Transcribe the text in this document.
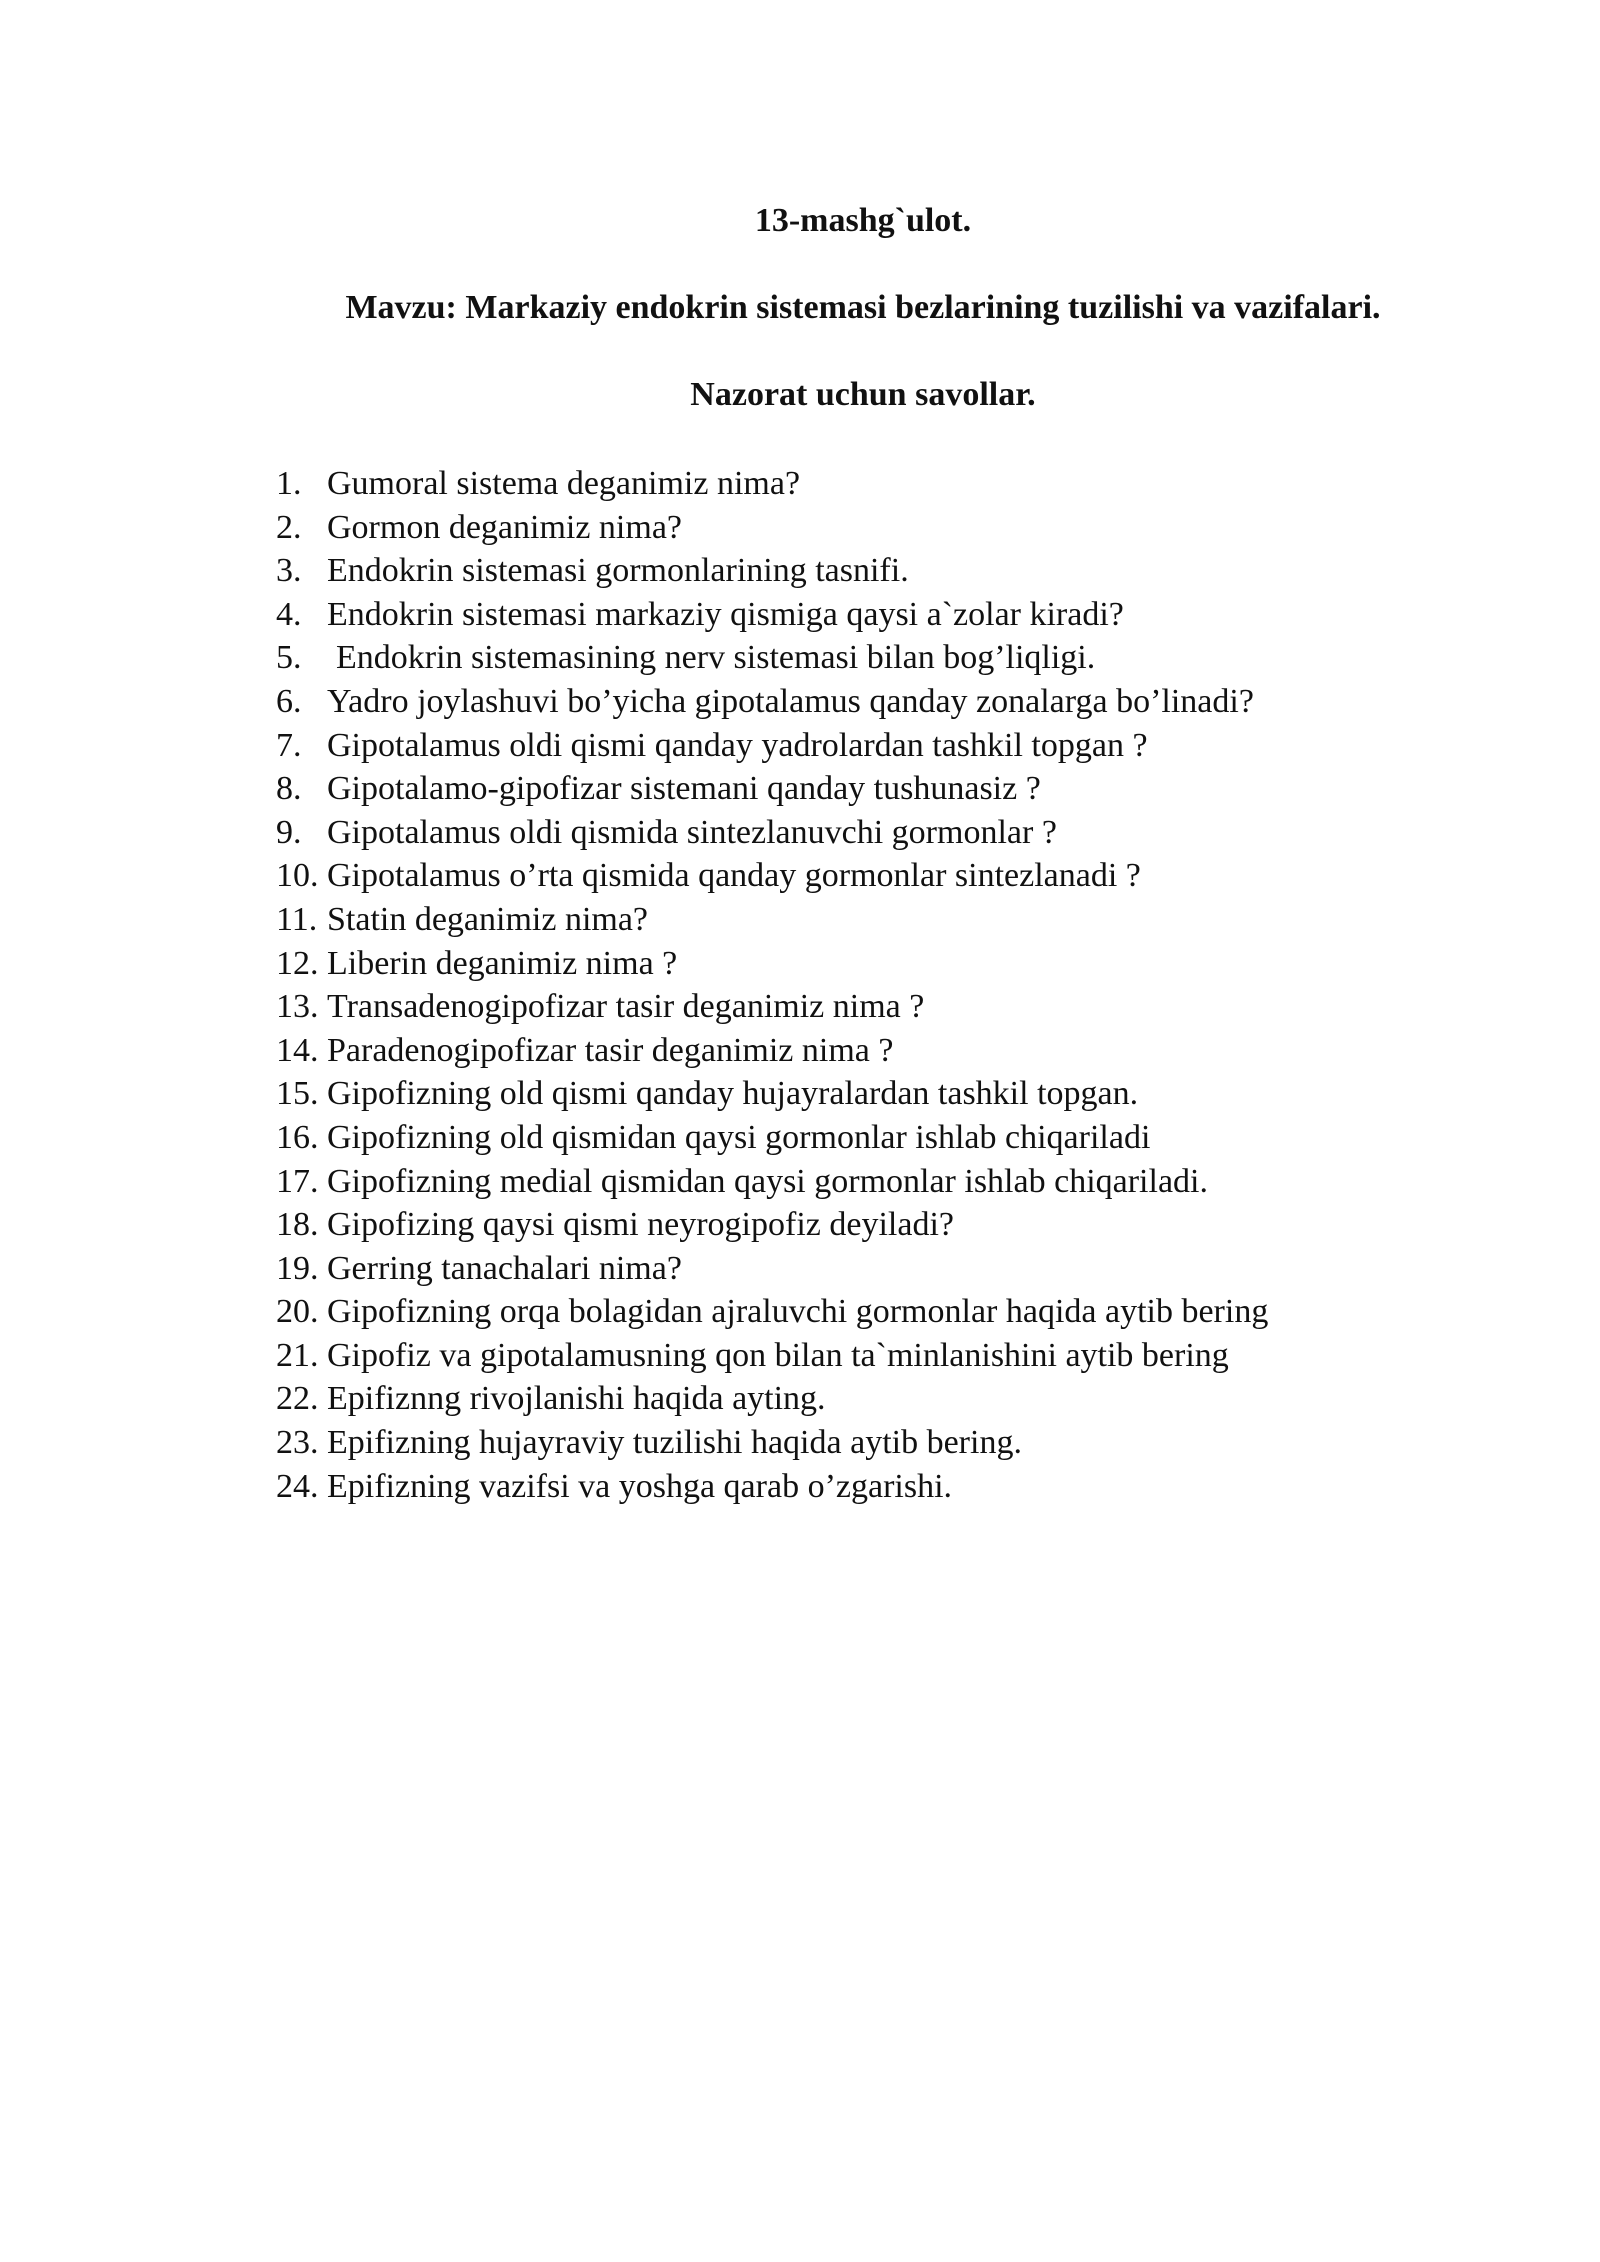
13-mashg`ulot.
Mavzu: Markaziy endokrin sistemasi bezlarining tuzilishi va vazifalari.
Nazorat uchun savollar.
1. Gumoral sistema deganimiz nima?
2. Gormon deganimiz nima?
3. Endokrin sistemasi gormonlarining tasnifi.
4. Endokrin sistemasi markaziy qismiga qaysi a`zolar kiradi?
5. Endokrin sistemasining nerv sistemasi bilan bog’liqligi.
6. Yadro joylashuvi bo’yicha gipotalamus qanday zonalarga bo’linadi?
7. Gipotalamus oldi qismi qanday yadrolardan tashkil topgan ?
8. Gipotalamo-gipofizar sistemani qanday tushunasiz ?
9. Gipotalamus oldi qismida sintezlanuvchi gormonlar ?
10. Gipotalamus o’rta qismida qanday gormonlar sintezlanadi ?
11. Statin deganimiz nima?
12. Liberin deganimiz nima ?
13. Transadenogipofizar tasir deganimiz nima ?
14. Paradenogipofizar tasir deganimiz nima ?
15. Gipofizning old qismi qanday hujayralardan tashkil topgan.
16. Gipofizning old qismidan qaysi gormonlar ishlab chiqariladi
17. Gipofizning medial qismidan qaysi gormonlar ishlab chiqariladi.
18. Gipofizing qaysi qismi neyrogipofiz deyiladi?
19. Gerring tanachalari nima?
20. Gipofizning orqa bolagidan ajraluvchi gormonlar haqida aytib bering
21. Gipofiz va gipotalamusning qon bilan ta`minlanishini aytib bering
22. Epifiznng rivojlanishi haqida ayting.
23. Epifizning hujayraviy tuzilishi haqida aytib bering.
24. Epifizning vazifsi va yoshga qarab o’zgarishi.
